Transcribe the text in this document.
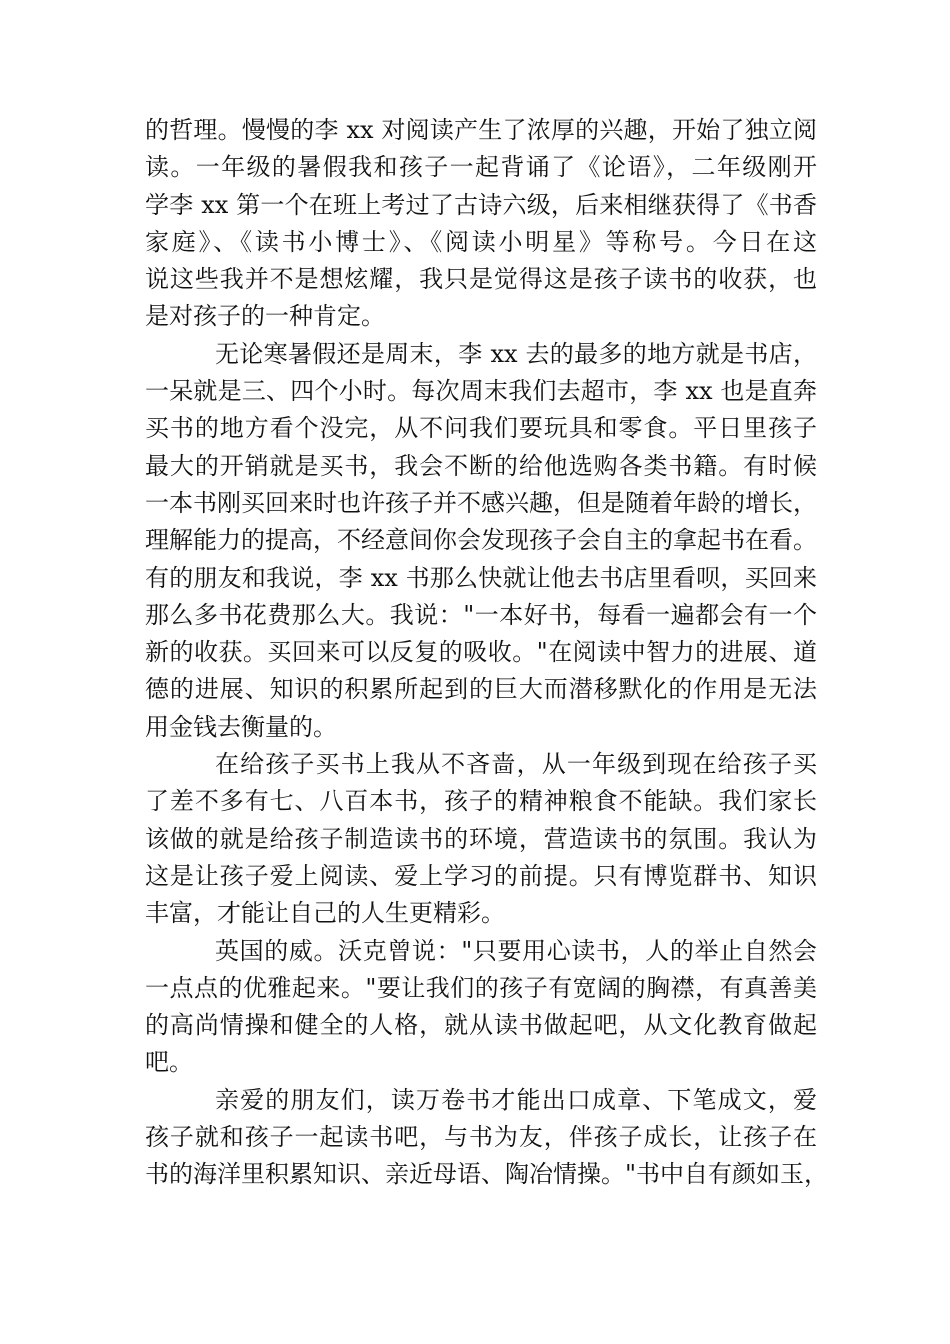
的哲理。慢慢的李 xx 对阅读产生了浓厚的兴趣，开始了独立阅
读。一年级的暑假我和孩子一起背诵了《论语》，二年级刚开
学李 xx 第一个在班上考过了古诗六级，后来相继获得了《书香
家庭》、《读书小博士》、《阅读小明星》等称号。今日在这
说这些我并不是想炫耀，我只是觉得这是孩子读书的收获，也
是对孩子的一种肯定。
无论寒暑假还是周末，李 xx 去的最多的地方就是书店，
一呆就是三、四个小时。每次周末我们去超市，李 xx 也是直奔
买书的地方看个没完，从不问我们要玩具和零食。平日里孩子
最大的开销就是买书，我会不断的给他选购各类书籍。有时候
一本书刚买回来时也许孩子并不感兴趣，但是随着年龄的增长，
理解能力的提高，不经意间你会发现孩子会自主的拿起书在看。
有的朋友和我说，李 xx 书那么快就让他去书店里看呗，买回来
那么多书花费那么大。我说："一本好书，每看一遍都会有一个
新的收获。买回来可以反复的吸收。"在阅读中智力的进展、道
德的进展、知识的积累所起到的巨大而潜移默化的作用是无法
用金钱去衡量的。
在给孩子买书上我从不吝啬，从一年级到现在给孩子买
了差不多有七、八百本书，孩子的精神粮食不能缺。我们家长
该做的就是给孩子制造读书的环境，营造读书的氛围。我认为
这是让孩子爱上阅读、爱上学习的前提。只有博览群书、知识
丰富，才能让自己的人生更精彩。
英国的威。沃克曾说："只要用心读书，人的举止自然会
一点点的优雅起来。"要让我们的孩子有宽阔的胸襟，有真善美
的高尚情操和健全的人格，就从读书做起吧，从文化教育做起
吧。
亲爱的朋友们，读万卷书才能出口成章、下笔成文，爱
孩子就和孩子一起读书吧，与书为友，伴孩子成长，让孩子在
书的海洋里积累知识、亲近母语、陶冶情操。"书中自有颜如玉，
